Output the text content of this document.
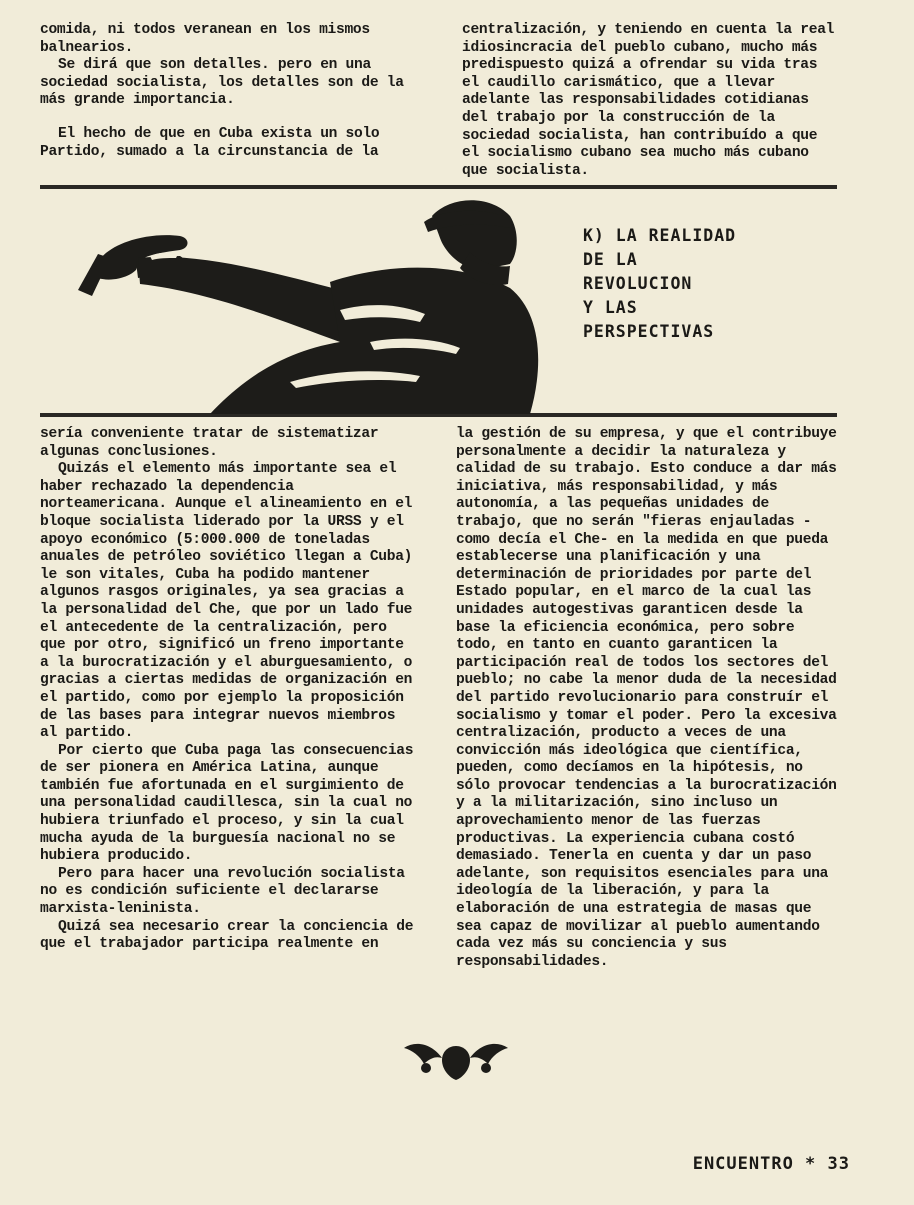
comida, ni todos veranean en los mismos balnearios.

Se dirá que son detalles. pero en una sociedad socialista, los detalles son de la más grande importancia.

El hecho de que en Cuba exista un solo Partido, sumado a la circunstancia de la

centralización, y teniendo en cuenta la real idiosincracia del pueblo cubano, mucho más predispuesto quizá a ofrendar su vida tras el caudillo carismático, que a llevar adelante las responsabilidades cotidianas del trabajo por la construcción de la sociedad socialista, han contribuído a que el socialismo cubano sea mucho más cubano que socialista.

K) LA REALIDAD
DE LA
REVOLUCION
Y LAS
PERSPECTIVAS

sería conveniente tratar de sistematizar algunas conclusiones.

Quizás el elemento más importante sea el haber rechazado la dependencia norteamericana. Aunque el alineamiento en el bloque socialista liderado por la URSS y el apoyo económico (5:000.000 de toneladas anuales de petróleo soviético llegan a Cuba) le son vitales, Cuba ha podido mantener algunos rasgos originales, ya sea gracias a la personalidad del Che, que por un lado fue el antecedente de la centralización, pero que por otro, significó un freno importante a la burocratización y el aburguesamiento, o gracias a ciertas medidas de organización en el partido, como por ejemplo la proposición de las bases para integrar nuevos miembros al partido.

Por cierto que Cuba paga las consecuencias de ser pionera en América Latina, aunque también fue afortunada en el surgimiento de una personalidad caudillesca, sin la cual no hubiera triunfado el proceso, y sin la cual mucha ayuda de la burguesía nacional no se hubiera producido.

Pero para hacer una revolución socialista no es condición suficiente el declararse marxista-leninista.

Quizá sea necesario crear la conciencia de que el trabajador participa realmente en

la gestión de su empresa, y que el contribuye personalmente a decidir la naturaleza y calidad de su trabajo. Esto conduce a dar más iniciativa, más responsabilidad, y más autonomía, a las pequeñas unidades de trabajo, que no serán "fieras enjauladas -como decía el Che- en la medida en que pueda establecerse una planificación y una determinación de prioridades por parte del Estado popular, en el marco de la cual las unidades autogestivas garanticen desde la base la eficiencia económica, pero sobre todo, en tanto en cuanto garanticen la participación real de todos los sectores del pueblo; no cabe la menor duda de la necesidad del partido revolucionario para construír el socialismo y tomar el poder. Pero la excesiva centralización, producto a veces de una convicción más ideológica que científica, pueden, como decíamos en la hipótesis, no sólo provocar tendencias a la burocratización y a la militarización, sino incluso un aprovechamiento menor de las fuerzas productivas. La experiencia cubana costó demasiado. Tenerla en cuenta y dar un paso adelante, son requisitos esenciales para una ideología de la liberación, y para la elaboración de una estrategia de masas que sea capaz de movilizar al pueblo aumentando cada vez más su conciencia y sus responsabilidades.

ENCUENTRO * 33
